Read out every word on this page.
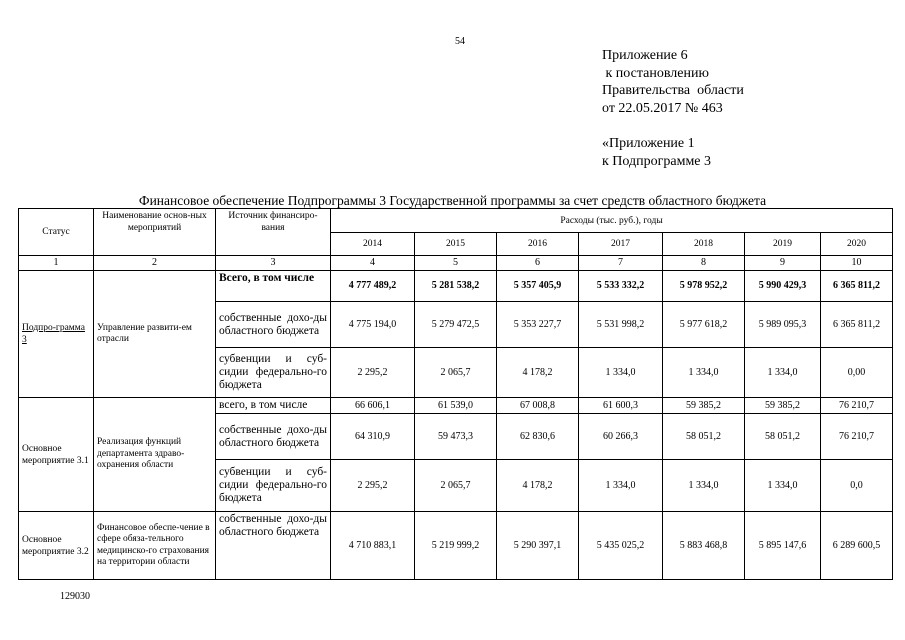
54
Приложение 6
к постановлению
Правительства  области
от 22.05.2017 № 463
«Приложение 1
к Подпрограмме 3
Финансовое обеспечение Подпрограммы 3 Государственной программы за счет средств областного бюджета
Статус	Наименование основ-ных мероприятий	Источник финансиро-вания	Расходы (тыс. руб.), годы						
			2014	2015	2016	2017	2018	2019	2020
1	2	3	4	5	6	7	8	9	10
Подпро-грамма 3	Управление развити-ем отрасли	Всего, в том числе	4 777 489,2	5 281 538,2	5 357 405,9	5 533 332,2	5 978 952,2	5 990 429,3	6 365 811,2
		собственные дохо-ды областного бюджета	4 775 194,0	5 279 472,5	5 353 227,7	5 531 998,2	5 977 618,2	5 989 095,3	6 365 811,2
		субвенции и суб-сидии федерально-го бюджета	2 295,2	2 065,7	4 178,2	1 334,0	1 334,0	1 334,0	0,00
Основное мероприятие 3.1	Реализация функций департамента здраво-охранения области	всего, в том числе	66 606,1	61 539,0	67 008,8	61 600,3	59 385,2	59 385,2	76 210,7
		собственные дохо-ды областного бюджета	64 310,9	59 473,3	62 830,6	60 266,3	58 051,2	58 051,2	76 210,7
		субвенции и суб-сидии федерально-го бюджета	2 295,2	2 065,7	4 178,2	1 334,0	1 334,0	1 334,0	0,0
Основное мероприятие 3.2	Финансовое обеспе-чение в сфере обяза-тельного медицинско-го страхования на территории области	собственные дохо-ды областного бюджета	4 710 883,1	5 219 999,2	5 290 397,1	5 435 025,2	5 883 468,8	5 895 147,6	6 289 600,5
129030
